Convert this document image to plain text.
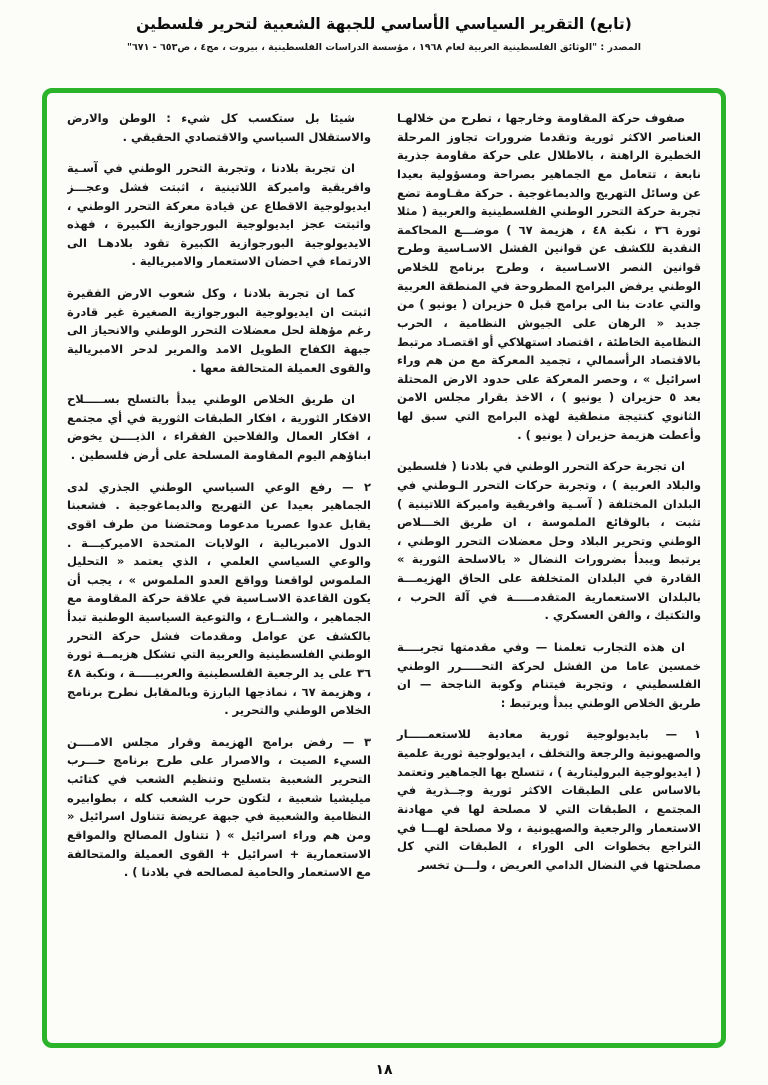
(تابع) التقرير السياسي الأساسي للجبهة الشعبية لتحرير فلسطين
المصدر : "الوثائق الفلسطينية العربية لعام ١٩٦٨ ، مؤسسة الدراسات الفلسطينية ، بيروت ، مج٤ ، ص٦٥٣ - ٦٧١"

صفوف حركة المقاومة وخارجها ، تطرح من خلالهـا العناصر الاكثر ثورية وتقدما ضرورات تجاوز المرحلة الخطيرة الراهنة ، بالاطلال على حركة مقاومة جذرية نابعة ، تتعامل مع الجماهير بصراحة ومسؤولية بعيدا عن وسائل التهريج والديماغوجية . حركة مقـاومة تضع تجربة حركة التحرر الوطني الفلسطينية والعربية ( مثلا ثورة ٣٦ ، نكبة ٤٨ ، هزيمة ٦٧ ) موضـــع المحاكمة النقدية للكشف عن قوانين الفشل الاسـاسية وطرح قوانين النصر الاسـاسية ، وطرح برنامج للخلاص الوطني يرفض البرامج المطروحة في المنطقة العربية والتي عادت بنا الى برامج قبل ٥ حزيران ( يونيو ) من جديد « الرهان على الجيوش النظامية ، الحرب النظامية الخاطئة ، اقتصاد استهلاكي أو اقتصـاد مرتبط بالاقتصاد الرأسمالي ، تجميد المعركة مع من هم وراء اسرائيل » ، وحصر المعركة على حدود الارض المحتلة بعد ٥ حزيران ( يونيو ) ، الاخذ بقرار مجلس الامن الثانوي كنتيجة منطقية لهذه البرامج التي سبق لها وأعطت هزيمة حزيران ( يونيو ) .

ان تجربة حركة التحرر الوطني في بلادنا ( فلسطين والبلاد العربية ) ، وتجربة حركات التحرر الـوطني في البلدان المختلفة ( آسـية وافريقية واميركة اللاتينية ) تثبت ، بالوقائع الملموسة ، ان طريق الخـــلاص الوطني وتحرير البلاد وحل معضلات التحرر الوطني ، يرتبط ويبدأ بضرورات النضال « بالاسلحة الثورية » القادرة في البلدان المتخلفة على الحاق الهزيمـــة بالبلدان الاستعمارية المتقدمـــــة في آلة الحرب ، والتكتيك ، والفن العسكري .

ان هذه التجارب تعلمنا — وفي مقدمتها تجربــــة خمسين عاما من الفشل لحركة التحـــــرر الوطني الفلسطيني ، وتجربة فيتنام وكوبة الناجحة — ان طريق الخلاص الوطني يبدأ ويرتبط :

١ — بايديولوجية ثورية معادية للاستعمـــــار والصهيونية والرجعة والتخلف ، ايديولوجية ثورية علمية ( ايديولوجية البروليتارية ) ، تتسلح بها الجماهير وتعتمد بالاساس على الطبقات الاكثر ثورية وجــذرية في المجتمع ، الطبقات التي لا مصلحة لها في مهادنة الاستعمار والرجعية والصهيونية ، ولا مصلحة لهـــا في التراجع بخطوات الى الوراء ، الطبقات التي كل مصلحتها في النضال الدامي العريض ، ولـــن تخسر

شيئا بل ستكسب كل شيء : الوطن والارض والاستقلال السياسي والاقتصادي الحقيقي .

ان تجربة بلادنا ، وتجربة التحرر الوطني في آسـية وافريقية واميركة اللاتينية ، اثبتت فشل وعجـــز ايديولوجية الاقطاع عن قيادة معركة التحرر الوطني ، واثبتت عجز ايديولوجية البورجوازية الكبيرة ، فهذه الايديولوجية البورجوازية الكبيرة تقود بلادهـا الى الارتماء في احضان الاستعمار والامبريالية .

كما ان تجربة بلادنا ، وكل شعوب الارض الفقيرة اثبتت ان ايديولوجية البورجوازية الصغيرة غير قادرة رغم مؤهلة لحل معضلات التحرر الوطني والانحياز الى جبهة الكفاح الطويل الامد والمرير لدحر الامبريالية والقوى العميلة المتحالفة معها .

ان طريق الخلاص الوطني يبدأ بالتسلح بســـــلاح الافكار الثورية ، افكار الطبقات الثورية في أي مجتمع ، افكار العمال والفلاحين الفقراء ، الذيــــن يخوض ابناؤهم اليوم المقاومة المسلحة على أرض فلسطين .

٢ — رفع الوعي السياسي الوطني الجذري لدى الجماهير بعيدا عن التهريج والديماغوجية . فشعبنا يقابل عدوا عصريا مدعوما ومحتضنا من طرف اقوى الدول الامبريالية ، الولايات المتحدة الاميركيـــة . والوعي السياسي العلمي ، الذي يعتمد « التحليل الملموس لواقعنا وواقع العدو الملموس » ، يجب أن يكون القاعدة الاسـاسية في علاقة حركة المقاومة مع الجماهير ، والشــارع ، والتوعية السياسية الوطنية تبدأ بالكشف عن عوامل ومقدمات فشل حركة التحرر الوطني الفلسطينية والعربية التي تشكل هزيمــة ثورة ٣٦ على يد الرجعية الفلسطينية والعربيـــــة ، ونكبة ٤٨ ، وهزيمة ٦٧ ، نماذجها البارزة وبالمقابل نطرح برنامج الخلاص الوطني والتحرير .

٣ — رفض برامج الهزيمة وقرار مجلس الامــــن السيء الصيت ، والاصرار على طرح برنامج حـــرب التحرير الشعبية بتسليح وتنظيم الشعب في كتائب ميليشيا شعبية ، لتكون حرب الشعب كله ، بطوابيره النظامية والشعبية في جبهة عريضة تتناول اسرائيل « ومن هم وراء اسرائيل » ( تتناول المصالح والمواقع الاستعمارية + اسرائيل + القوى العميلة والمتحالفة مع الاستعمار والحامية لمصالحه في بلادنا ) .

١٨
